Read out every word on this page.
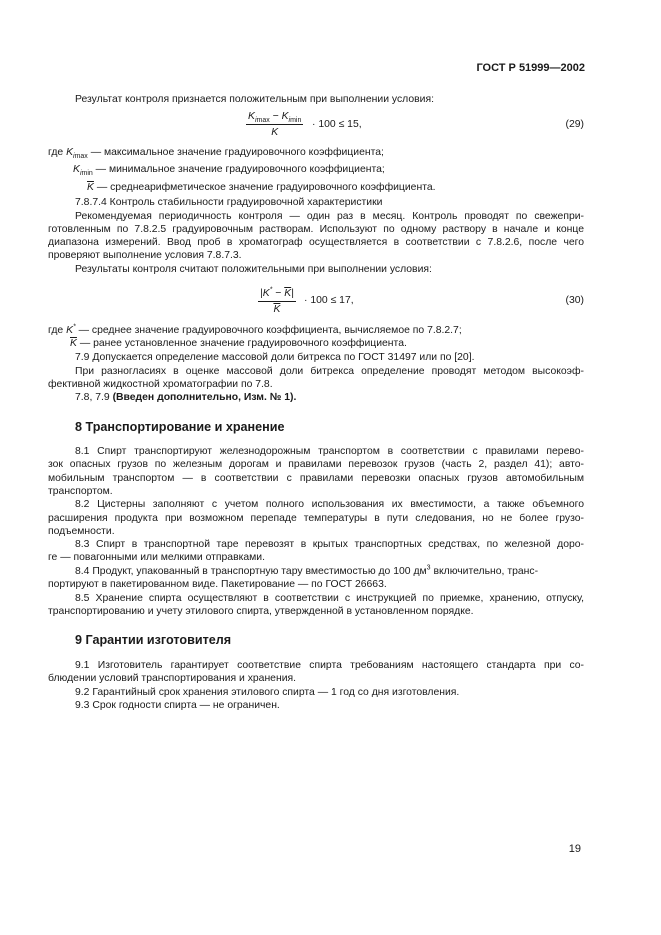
ГОСТ Р 51999—2002
Результат контроля признается положительным при выполнении условия:
$K_{imax} - K_{imin}$
K
· 100 ≤ 15,	(29)
где $K_{imax}$ — максимальное значение градуировочного коэффициента;
$K_{imin}$ — минимальное значение градуировочного коэффициента;
$\overline{K}$ — среднеарифметическое значение градуировочного коэффициента.
7.8.7.4 Контроль стабильности градуировочной характеристики
Рекомендуемая периодичность контроля — один раз в месяц. Контроль проводят по свежепри-
готовленным по 7.8.2.5 градуировочным растворам. Используют по одному раствору в начале и конце
диапазона измерений. Ввод проб в хроматограф осуществляется в соответствии с 7.8.2.6, после чего
проверяют выполнение условия 7.8.7.3.
Результаты контроля считают положительными при выполнении условия:
$\frac{|K^* - \overline{K}|}{K} \cdot 100 \le 17$,	(30)
где K* — среднее значение градуировочного коэффициента, вычисляемое по 7.8.2.7;
$\overline{K}$ — ранее установленное значение градуировочного коэффициента.
7.9 Допускается определение массовой доли битрекса по ГОСТ 31497 или по [20].
При разногласиях в оценке массовой доли битрекса определение проводят методом высокоэф-
фективной жидкостной хроматографии по 7.8.
7.8, 7.9 (Введен дополнительно, Изм. № 1).
8 Транспортирование и хранение
8.1 Спирт транспортируют железнодорожным транспортом в соответствии с правилами перево-
зок опасных грузов по железным дорогам и правилами перевозок грузов (часть 2, раздел 41); авто-
мобильным транспортом — в соответствии с правилами перевозки опасных грузов автомобильным
транспортом.
8.2 Цистерны заполняют с учетом полного использования их вместимости, а также объемного
расширения продукта при возможном перепаде температуры в пути следования, но не более грузо-
подъемности.
8.3 Спирт в транспортной таре перевозят в крытых транспортных средствах, по железной доро-
ге — повагонными или мелкими отправками.
8.4 Продукт, упакованный в транспортную тару вместимостью до 100 $дм^3$ включительно, транс-
портируют в пакетированном виде. Пакетирование — по ГОСТ 26663.
8.5 Хранение спирта осуществляют в соответствии с инструкцией по приемке, хранению, отпуску,
транспортированию и учету этилового спирта, утвержденной в установленном порядке.
9 Гарантии изготовителя
9.1 Изготовитель гарантирует соответствие спирта требованиям настоящего стандарта при со-
блюдении условий транспортирования и хранения.
9.2 Гарантийный срок хранения этилового спирта — 1 год со дня изготовления.
9.3 Срок годности спирта — не ограничен.
19
